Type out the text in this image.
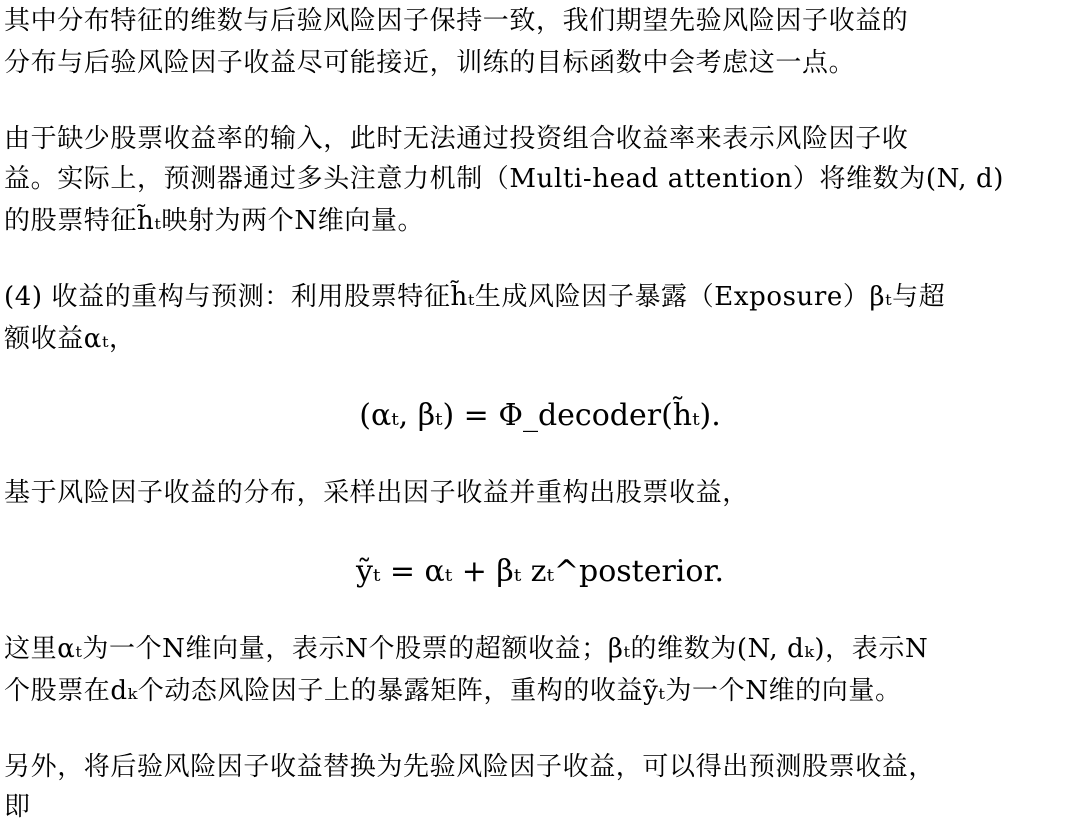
其中分布特征的维数与后验风险因子保持一致，我们期望先验风险因子收益的
分布与后验风险因子收益尽可能接近，训练的目标函数中会考虑这一点。
由于缺少股票收益率的输入，此时无法通过投资组合收益率来表示风险因子收
益。实际上，预测器通过多头注意力机制（Multi-head attention）将维数为(N, d)
的股票特征h̃ₜ映射为两个N维向量。
(4) 收益的重构与预测：利用股票特征h̃ₜ生成风险因子暴露（Exposure）βₜ与超
额收益αₜ，
(αₜ, βₜ) = Φ_decoder(h̃ₜ).
基于风险因子收益的分布，采样出因子收益并重构出股票收益，
ỹₜ = αₜ + βₜ zₜ^posterior.
这里αₜ为一个N维向量，表示N个股票的超额收益；βₜ的维数为(N, dₖ)，表示N
个股票在dₖ个动态风险因子上的暴露矩阵，重构的收益ỹₜ为一个N维的向量。
另外，将后验风险因子收益替换为先验风险因子收益，可以得出预测股票收益，
即
